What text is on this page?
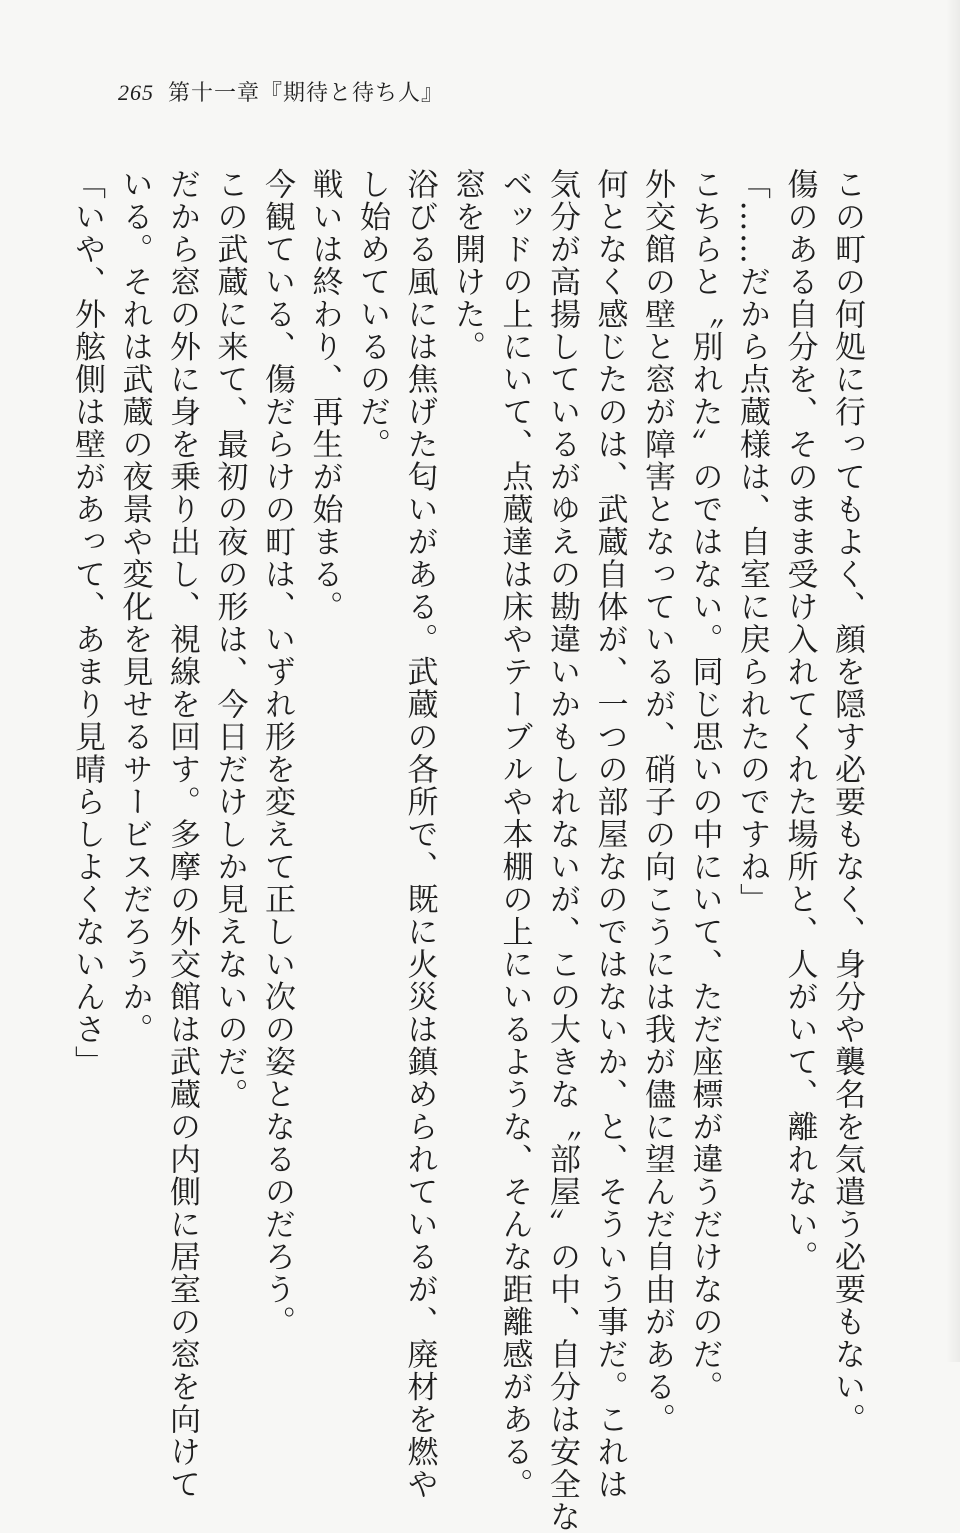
265 第十一章『期待と待ち人』
この町の何処に行ってもよく、顔を隠す必要もなく、身分や襲名を気遣う必要もない。
傷のある自分を、そのまま受け入れてくれた場所と、人がいて、離れない。
「……だから点蔵様は、自室に戻られたのですね」
こちらと〝別れた〟のではない。同じ思いの中にいて、ただ座標が違うだけなのだ。
外交館の壁と窓が障害となっているが、硝子の向こうには我が儘に望んだ自由がある。
何となく感じたのは、武蔵自体が、一つの部屋なのではないか、と、そういう事だ。これは
気分が高揚しているがゆえの勘違いかもしれないが、この大きな〝部屋〟の中、自分は安全な
ベッドの上にいて、点蔵達は床やテーブルや本棚の上にいるような、そんな距離感がある。
窓を開けた。
浴びる風には焦げた匂いがある。武蔵の各所で、既に火災は鎮められているが、廃材を燃や
し始めているのだ。
戦いは終わり、再生が始まる。
今観ている、傷だらけの町は、いずれ形を変えて正しい次の姿となるのだろう。
この武蔵に来て、最初の夜の形は、今日だけしか見えないのだ。
だから窓の外に身を乗り出し、視線を回す。多摩の外交館は武蔵の内側に居室の窓を向けて
いる。それは武蔵の夜景や変化を見せるサービスだろうか。
「いや、外舷側は壁があって、あまり見晴らしよくないんさ」
